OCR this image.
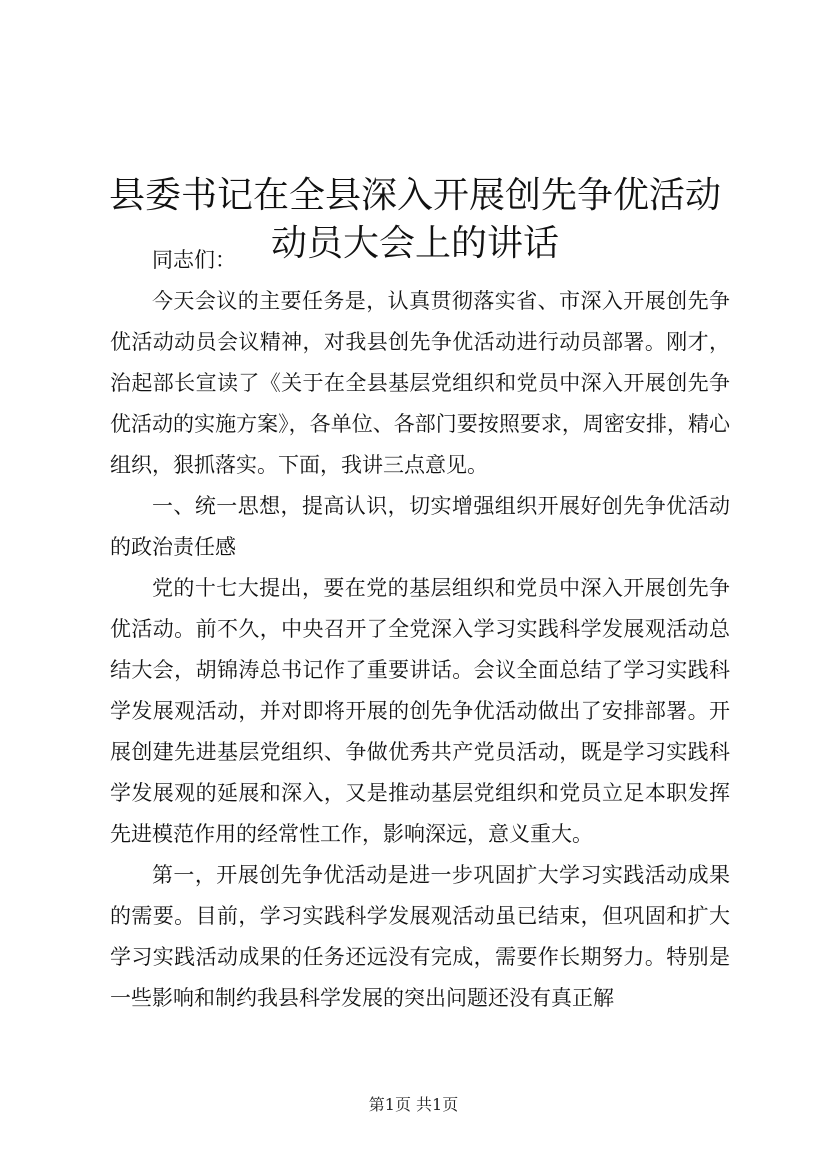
县委书记在全县深入开展创先争优活动动员大会上的讲话

同志们：

今天会议的主要任务是，认真贯彻落实省、市深入开展创先争优活动动员会议精神，对我县创先争优活动进行动员部署。刚才，治起部长宣读了《关于在全县基层党组织和党员中深入开展创先争优活动的实施方案》，各单位、各部门要按照要求，周密安排，精心组织，狠抓落实。下面，我讲三点意见。

一、统一思想，提高认识，切实增强组织开展好创先争优活动的政治责任感

党的十七大提出，要在党的基层组织和党员中深入开展创先争优活动。前不久，中央召开了全党深入学习实践科学发展观活动总结大会，胡锦涛总书记作了重要讲话。会议全面总结了学习实践科学发展观活动，并对即将开展的创先争优活动做出了安排部署。开展创建先进基层党组织、争做优秀共产党员活动，既是学习实践科学发展观的延展和深入，又是推动基层党组织和党员立足本职发挥先进模范作用的经常性工作，影响深远，意义重大。

第一，开展创先争优活动是进一步巩固扩大学习实践活动成果的需要。目前，学习实践科学发展观活动虽已结束，但巩固和扩大学习实践活动成果的任务还远没有完成，需要作长期努力。特别是一些影响和制约我县科学发展的突出问题还没有真正解

第1页 共1页
